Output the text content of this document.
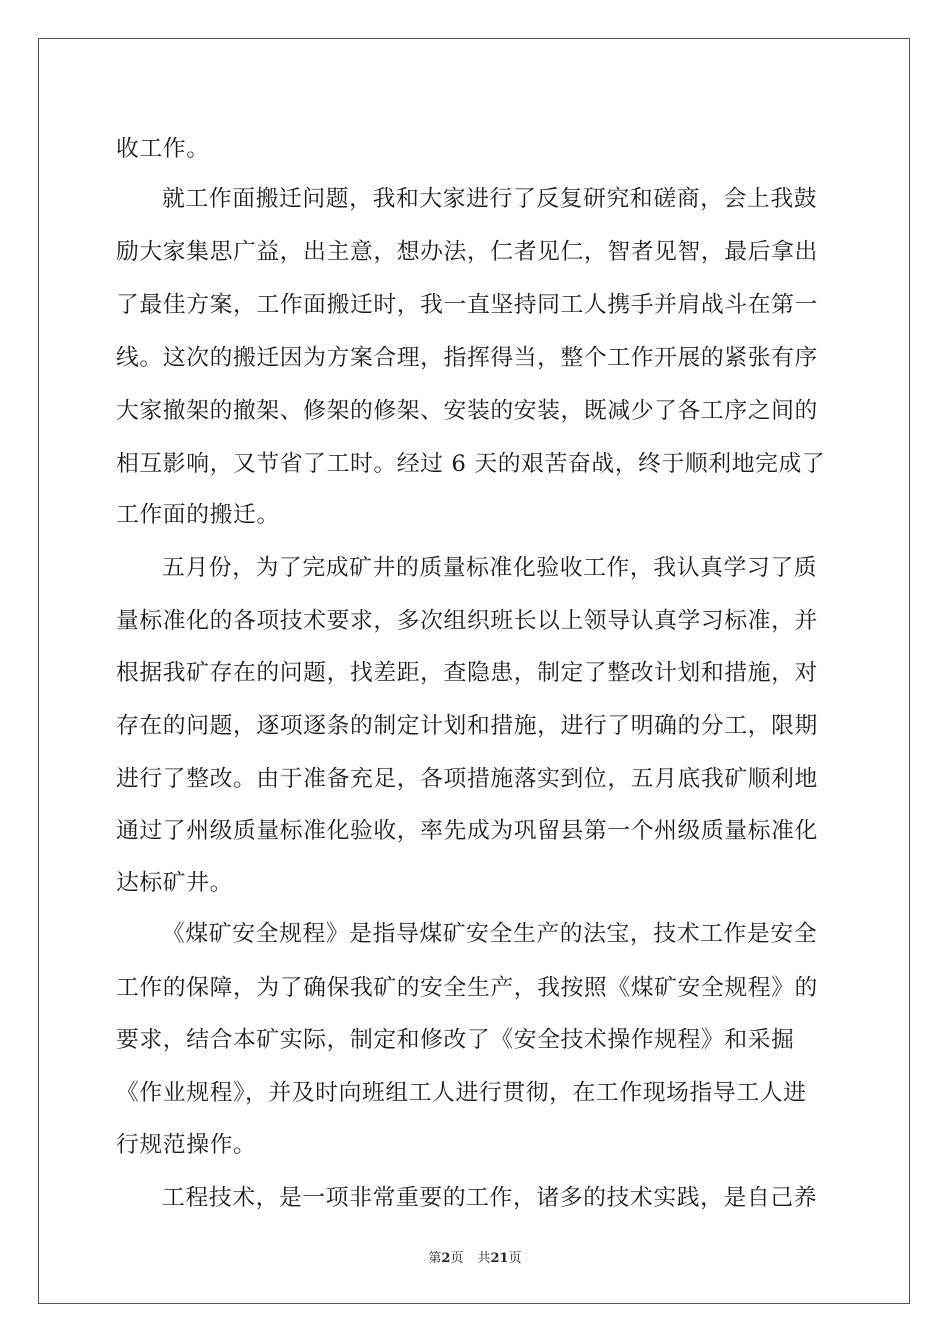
收工作。
就工作面搬迁问题，我和大家进行了反复研究和磋商，会上我鼓
励大家集思广益，出主意，想办法，仁者见仁，智者见智，最后拿出
了最佳方案，工作面搬迁时，我一直坚持同工人携手并肩战斗在第一
线。这次的搬迁因为方案合理，指挥得当，整个工作开展的紧张有序
大家撤架的撤架、修架的修架、安装的安装，既减少了各工序之间的
相互影响，又节省了工时。经过 6 天的艰苦奋战，终于顺利地完成了
工作面的搬迁。
五月份，为了完成矿井的质量标准化验收工作，我认真学习了质
量标准化的各项技术要求，多次组织班长以上领导认真学习标准，并
根据我矿存在的问题，找差距，查隐患，制定了整改计划和措施，对
存在的问题，逐项逐条的制定计划和措施，进行了明确的分工，限期
进行了整改。由于准备充足，各项措施落实到位，五月底我矿顺利地
通过了州级质量标准化验收，率先成为巩留县第一个州级质量标准化
达标矿井。
《煤矿安全规程》是指导煤矿安全生产的法宝，技术工作是安全
工作的保障，为了确保我矿的安全生产，我按照《煤矿安全规程》的
要求，结合本矿实际，制定和修改了《安全技术操作规程》和采掘
《作业规程》，并及时向班组工人进行贯彻，在工作现场指导工人进
行规范操作。
工程技术，是一项非常重要的工作，诸多的技术实践，是自己养
第2页 共21页
